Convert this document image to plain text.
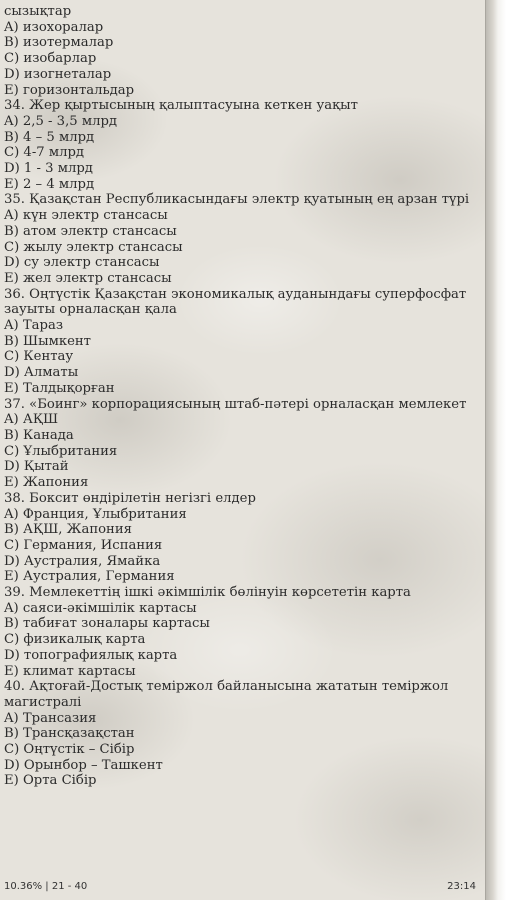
сызықтар

A) изохоралар

B) изотермалар

C) изобарлар

D) изогнеталар

E) горизонтальдар

34. Жер қыртысының қалыптасуына кеткен уақыт

A) 2,5 - 3,5 млрд

B) 4 – 5 млрд

C) 4-7 млрд

D) 1 - 3 млрд

E) 2 – 4 млрд

35. Қазақстан Республикасындағы электр қуатының ең арзан түрі

A) күн электр стансасы

B) атом электр стансасы

C) жылу электр стансасы

D) су электр стансасы

E) жел электр стансасы

36. Оңтүстік Қазақстан экономикалық ауданындағы суперфосфат зауыты орналасқан қала

A) Тараз

B) Шымкент

C) Кентау

D) Алматы

E) Талдықорған

37. «Боинг» корпорациясының штаб-пәтері орналасқан мемлекет

A) АҚШ

B) Канада

C) Ұлыбритания

D) Қытай

E) Жапония

38. Боксит өндірілетін негізгі елдер

A) Франция, Ұлыбритания

B) АҚШ, Жапония

C) Германия, Испания

D) Аустралия, Ямайка

E) Аустралия, Германия

39. Мемлекеттің ішкі әкімшілік бөлінуін көрсететін карта

A) саяси-әкімшілік картасы

B) табиғат зоналары картасы

C) физикалық карта

D) топографиялық карта

E) климат картасы

40. Ақтоғай-Достық теміржол байланысына жататын теміржол магистралі

A) Трансазия

B) Трансқазақстан

C) Оңтүстік – Сібір

D) Орынбор – Ташкент

E) Орта Сібір

10.36% | 21 - 40	23:14
